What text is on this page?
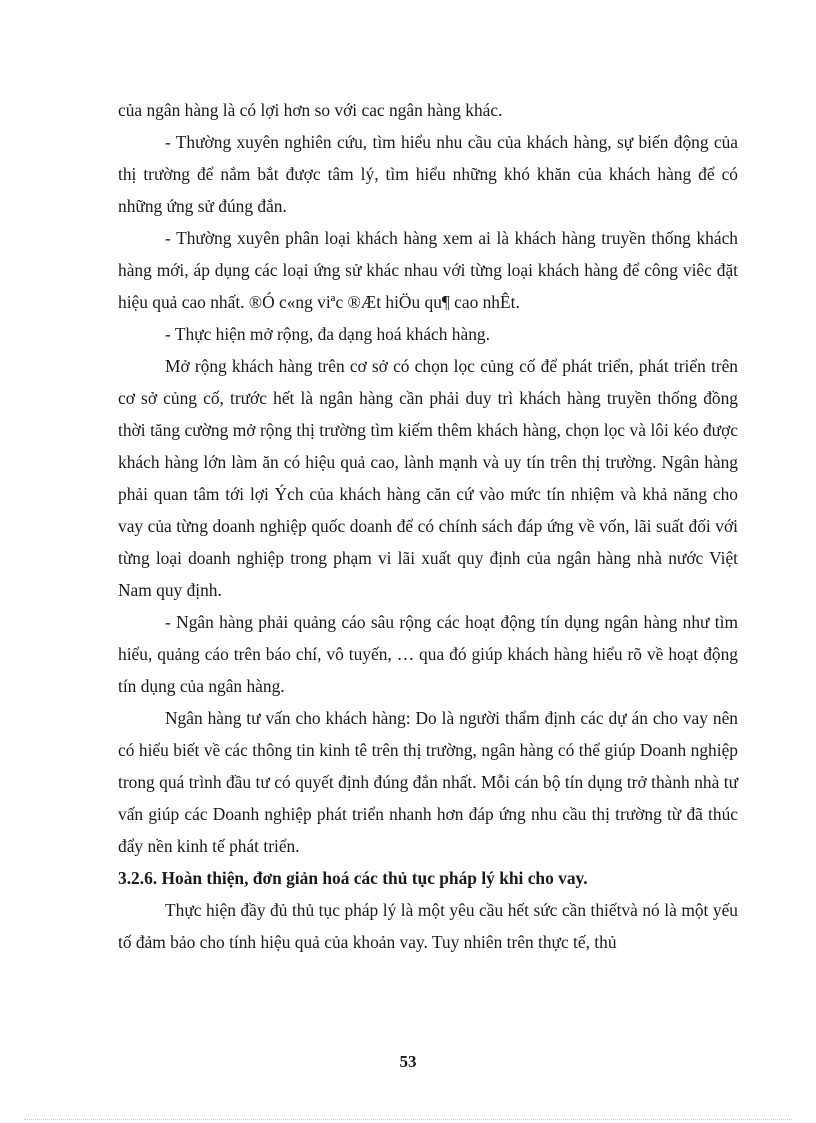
của ngân hàng là có lợi hơn so với cac ngân hàng khác.

- Thường xuyên nghiên cứu, tìm hiểu nhu cầu của khách hàng, sự biến động của thị trường để nắm bắt được tâm lý, tìm hiểu những khó khăn của khách hàng để có những ứng sử đúng đắn.

- Thường xuyên phân loại khách hàng xem ai là khách hàng truyền thống khách hàng mới, áp dụng các loại ứng sử khác nhau với từng loại khách hàng để công viêc đặt hiệu quả cao nhất. ®Ó c«ng viªc ®Æt hiÖu qu¶ cao nhÊt.

- Thực hiện mở rộng, đa dạng hoá khách hàng.

Mở rộng khách hàng trên cơ sở có chọn lọc củng cố để phát triển, phát triển trên cơ sở củng cố, trước hết là ngân hàng cần phải duy trì khách hàng truyền thống đồng thời tăng cường mở rộng thị trường tìm kiếm thêm khách hàng, chọn lọc và lôi kéo được khách hàng lớn làm ăn có hiệu quả cao, lành mạnh và uy tín trên thị trường. Ngân hàng phải quan tâm tới lợi Ých của khách hàng căn cứ vào mức tín nhiệm và khả năng cho vay của từng doanh nghiệp quốc doanh để có chính sách đáp ứng về vốn, lãi suất đối với từng loại doanh nghiệp trong phạm vi lãi xuất quy định của ngân hàng nhà nước Việt Nam quy định.

- Ngân hàng phải quảng cáo sâu rộng các hoạt động tín dụng ngân hàng như tìm hiểu, quảng cáo trên báo chí, vô tuyến, … qua đó giúp khách hàng hiểu rõ về hoạt động tín dụng của ngân hàng.

Ngân hàng tư vấn cho khách hàng: Do là người thẩm định các dự án cho vay nên có hiểu biết về các thông tin kinh tê trên thị trường, ngân hàng có thể giúp Doanh nghiệp trong quá trình đầu tư có quyết định đúng đắn nhất. Mỗi cán bộ tín dụng trở thành nhà tư vấn giúp các Doanh nghiệp phát triển nhanh hơn đáp ứng nhu cầu thị trường từ đã thúc đẩy nền kinh tế phát triển.

3.2.6. Hoàn thiện, đơn giản hoá các thủ tục pháp lý khi cho vay.

Thực hiện đầy đủ thủ tục pháp lý là một yêu cầu hết sức cần thiếtvà nó là một yếu tố đảm bảo cho tính hiệu quả của khoản vay. Tuy nhiên trên thực tế, thủ

53
